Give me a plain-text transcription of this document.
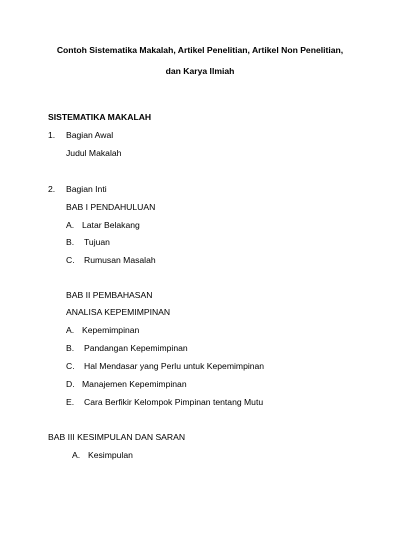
Contoh Sistematika Makalah, Artikel Penelitian, Artikel Non Penelitian,
dan Karya Ilmiah
SISTEMATIKA MAKALAH
1. Bagian Awal
Judul Makalah
2. Bagian Inti
BAB I PENDAHULUAN
A. Latar Belakang
B. Tujuan
C. Rumusan Masalah
BAB II PEMBAHASAN
ANALISA KEPEMIMPINAN
A. Kepemimpinan
B. Pandangan Kepemimpinan
C. Hal Mendasar yang Perlu untuk Kepemimpinan
D. Manajemen Kepemimpinan
E. Cara Berfikir Kelompok Pimpinan tentang Mutu
BAB III KESIMPULAN DAN SARAN
A. Kesimpulan
